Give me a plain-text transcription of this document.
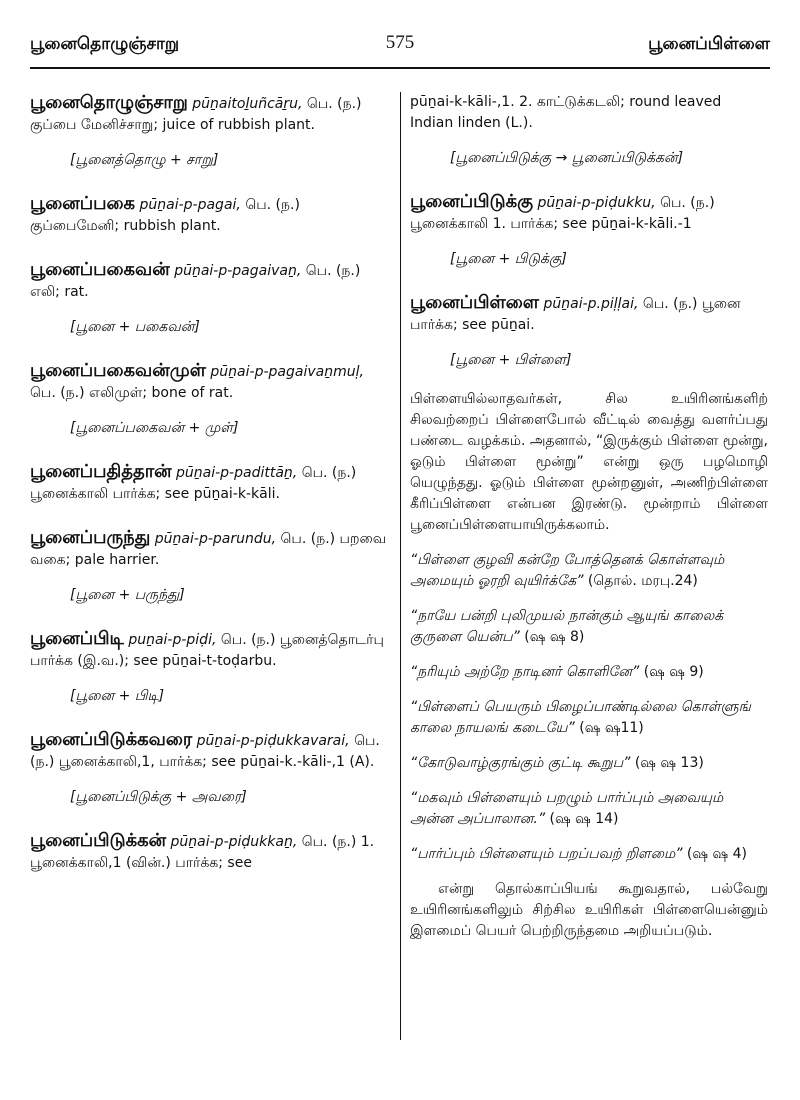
பூனைதொழுஞ்சாறு	575	பூனைப்பிள்ளை
பூனைதொழுஞ்சாறு pūṉaitoḻuñcāṟu, பெ. (ந.) குப்பை மேனிச்சாறு; juice of rubbish plant.
[பூனைத்தொழு + சாறு]
பூனைப்பகை pūṉai-p-pagai, பெ. (ந.) குப்பைமேனி; rubbish plant.
பூனைப்பகைவன் pūṉai-p-pagaivaṉ, பெ. (ந.) எலி; rat.
[பூனை + பகைவன்]
பூனைப்பகைவன்முள் pūṉai-p-pagaivaṉmuḷ, பெ. (ந.) எலிமுள்; bone of rat.
[பூனைப்பகைவன் + முள்]
பூனைப்பதித்தான் pūṉai-p-padittāṉ, பெ. (ந.) பூனைக்காலி பார்க்க; see pūṉai-k-kāli.
பூனைப்பருந்து pūṉai-p-parundu, பெ. (ந.) பறவை வகை; pale harrier.
[பூனை + பருந்து]
பூனைப்பிடி puṉai-p-piḍi, பெ. (ந.) பூனைத்தொடர்பு பார்க்க (இ.வ.); see pūṉai-t-toḍarbu.
[பூனை + பிடி]
பூனைப்பிடுக்கவரை pūṉai-p-piḍukkavarai, பெ. (ந.) பூனைக்காலி,1, பார்க்க; see pūṉai-k.-kāli-,1 (A).
[பூனைப்பிடுக்கு + அவரை]
பூனைப்பிடுக்கன் pūṉai-p-piḍukkaṉ, பெ. (ந.) 1. பூனைக்காலி,1 (வின்.) பார்க்க; see
pūṉai-k-kāli-,1. 2. காட்டுக்கடலி; round leaved Indian linden (L.).
[பூனைப்பிடுக்கு → பூனைப்பிடுக்கன்]
பூனைப்பிடுக்கு pūṉai-p-piḍukku, பெ. (ந.) பூனைக்காலி 1. பார்க்க; see pūṉai-k-kāli.-1
[பூனை + பிடுக்கு]
பூனைப்பிள்ளை pūṉai-p.piḷḷai, பெ. (ந.) பூனை பார்க்க; see pūṉai.
[பூனை + பிள்ளை]
பிள்ளையில்லாதவர்கள், சில உயிரினங்களிற் சிலவற்றைப் பிள்ளைபோல் வீட்டில் வைத்து வளர்ப்பது பண்டை வழக்கம். அதனால், “இருக்கும் பிள்ளை மூன்று, ஓடும் பிள்ளை மூன்று” என்று ஒரு பழமொழி யெழுந்தது. ஓடும் பிள்ளை மூன்றனுள், அணிற்பிள்ளை கீரிப்பிள்ளை என்பன இரண்டு. மூன்றாம் பிள்ளை பூனைப்பிள்ளையாயிருக்கலாம்.
“பிள்ளை குழவி கன்றே போத்தெனக் கொள்ளவும் அமையும் ஓரறி வுயிர்க்கே” (தொல். மரபு.24)
“நாயே பன்றி புலிமுயல் நான்கும் ஆயுங் காலைக் குருளை யென்ப” (ஷ ஷ 8)
“நரியும் அற்றே நாடினர் கொளினே” (ஷ ஷ 9)
“பிள்ளைப் பெயரும் பிழைப்பாண்டில்லை கொள்ளுங் காலை நாயலங் கடையே” (ஷ ஷ11)
“கோடுவாழ்குரங்கும் குட்டி கூறுப” (ஷ ஷ 13)
“மகவும் பிள்ளையும் பறழும் பார்ப்பும் அவையும் அன்ன அப்பாலான.” (ஷ ஷ 14)
“பார்ப்பும் பிள்ளையும் பறப்பவற் றிளமை” (ஷ ஷ 4)
என்று தொல்காப்பியங் கூறுவதால், பல்வேறு உயிரினங்களிலும் சிற்சில உயிரிகள் பிள்ளையென்னும் இளமைப் பெயர் பெற்றிருந்தமை அறியப்படும்.
